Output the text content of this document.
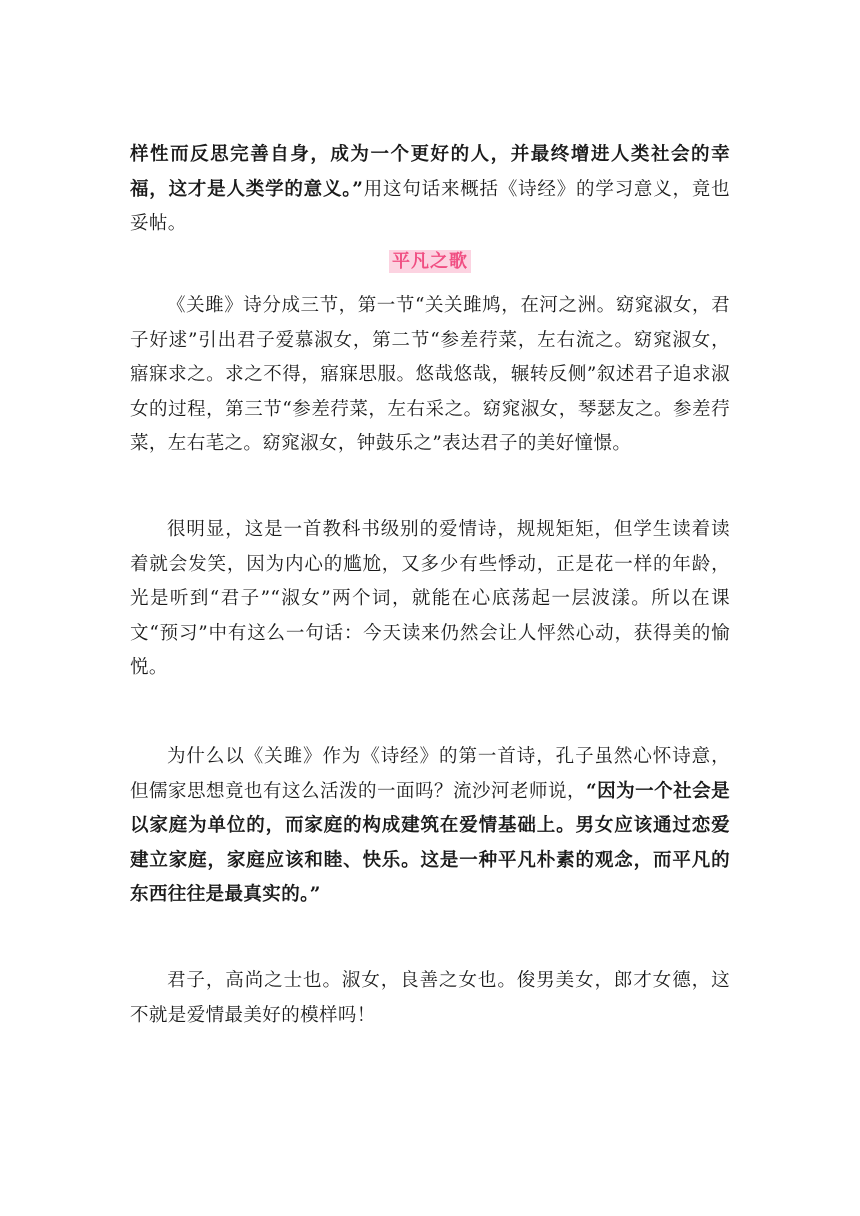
样性而反思完善自身，成为一个更好的人，并最终增进人类社会的幸福，这才是人类学的意义。”用这句话来概括《诗经》的学习意义，竟也妥帖。

平凡之歌

《关雎》诗分成三节，第一节“关关雎鸠，在河之洲。窈窕淑女，君子好逑”引出君子爱慕淑女，第二节“参差荇菜，左右流之。窈窕淑女，寤寐求之。求之不得，寤寐思服。悠哉悠哉，辗转反侧”叙述君子追求淑女的过程，第三节“参差荇菜，左右采之。窈窕淑女，琴瑟友之。参差荇菜，左右芼之。窈窕淑女，钟鼓乐之”表达君子的美好憧憬。

很明显，这是一首教科书级别的爱情诗，规规矩矩，但学生读着读着就会发笑，因为内心的尴尬，又多少有些悸动，正是花一样的年龄，光是听到“君子”“淑女”两个词，就能在心底荡起一层波漾。所以在课文“预习”中有这么一句话：今天读来仍然会让人怦然心动，获得美的愉悦。

为什么以《关雎》作为《诗经》的第一首诗，孔子虽然心怀诗意，但儒家思想竟也有这么活泼的一面吗？流沙河老师说，“因为一个社会是以家庭为单位的，而家庭的构成建筑在爱情基础上。男女应该通过恋爱建立家庭，家庭应该和睦、快乐。这是一种平凡朴素的观念，而平凡的东西往往是最真实的。”

君子，高尚之士也。淑女，良善之女也。俊男美女，郎才女德，这不就是爱情最美好的模样吗！
